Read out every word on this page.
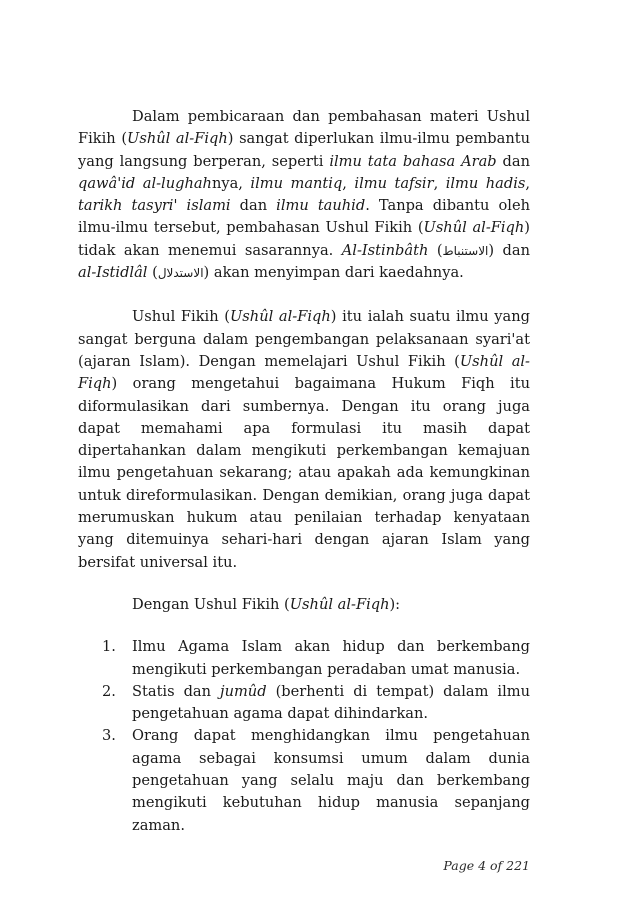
Dalam pembicaraan dan pembahasan materi Ushul Fikih (Ushûl al-Fiqh) sangat diperlukan ilmu-ilmu pembantu yang langsung berperan, seperti ilmu tata bahasa Arab dan qawâ'id al-lughahnya, ilmu mantiq, ilmu tafsir, ilmu hadis, tarikh tasyri' islami dan ilmu tauhid. Tanpa dibantu oleh ilmu-ilmu tersebut, pembahasan Ushul Fikih (Ushûl al-Fiqh) tidak akan menemui sasarannya. Al-Istinbâth (الاستنباط) dan al-Istidlâl (الاستدلال) akan menyimpan dari kaedahnya.

Ushul Fikih (Ushûl al-Fiqh) itu ialah suatu ilmu yang sangat berguna dalam pengembangan pelaksanaan syari'at (ajaran Islam). Dengan memelajari Ushul Fikih (Ushûl al-Fiqh) orang mengetahui bagaimana Hukum Fiqh itu diformulasikan dari sumbernya. Dengan itu orang juga dapat memahami apa formulasi itu masih dapat dipertahankan dalam mengikuti perkembangan kemajuan ilmu pengetahuan sekarang; atau apakah ada kemungkinan untuk direformulasikan. Dengan demikian, orang juga dapat merumuskan hukum atau penilaian terhadap kenyataan yang ditemuinya sehari-hari dengan ajaran Islam yang bersifat universal itu.

Dengan Ushul Fikih (Ushûl al-Fiqh):

1. Ilmu Agama Islam akan hidup dan berkembang mengikuti perkembangan peradaban umat manusia.
2. Statis dan jumûd (berhenti di tempat) dalam ilmu pengetahuan agama dapat dihindarkan.
3. Orang dapat menghidangkan ilmu pengetahuan agama sebagai konsumsi umum dalam dunia pengetahuan yang selalu maju dan berkembang mengikuti kebutuhan hidup manusia sepanjang zaman.
Page 4 of 221
